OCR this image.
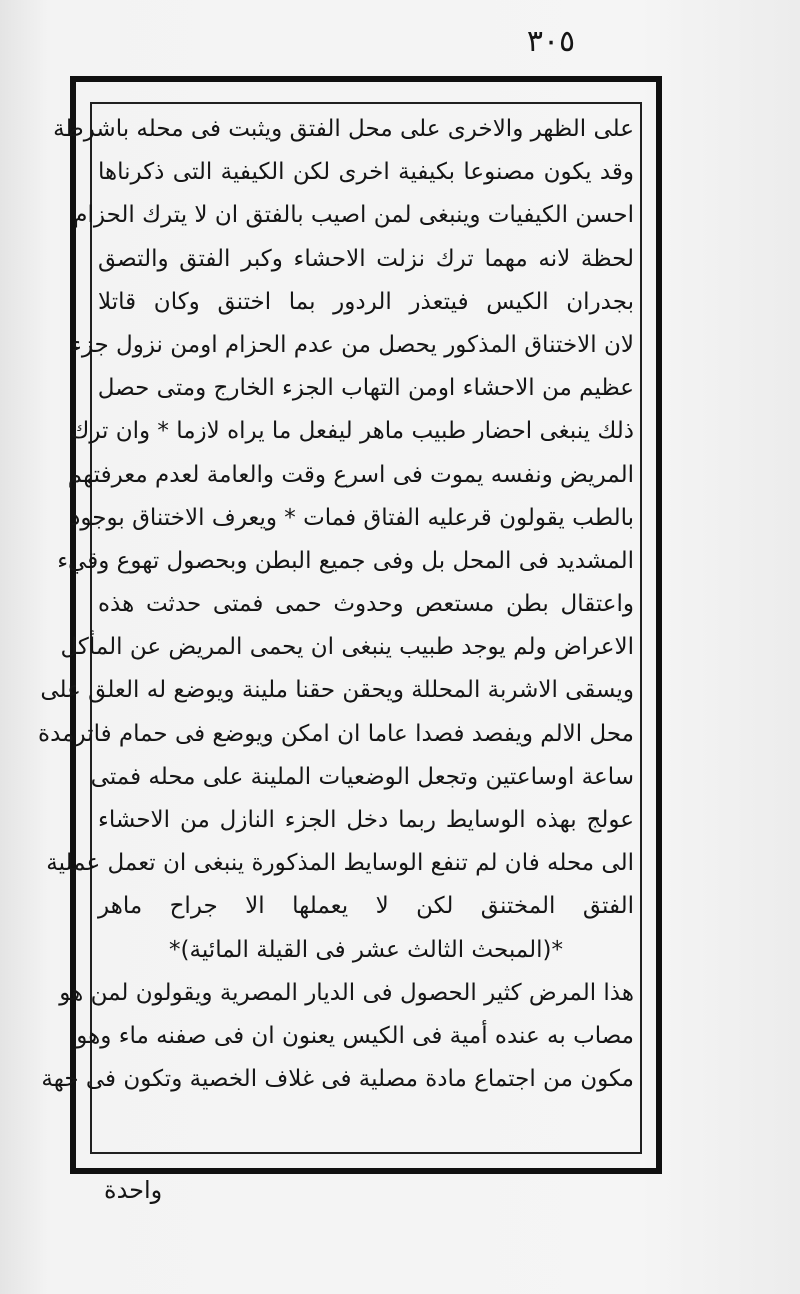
٣٠٥
على الظهر والاخرى على محل الفتق ويثبت فى محله باشرطة
وقد يكون مصنوعا بكيفية اخرى لكن الكيفية التى ذكرناها
احسن الكيفيات وينبغى لمن اصيب بالفتق ان لا يترك الحزام
لحظة لانه مهما ترك نزلت الاحشاء وكبر الفتق والتصق
بجدران الكيس فيتعذر الردور بما اختنق وكان قاتلا
لان الاختناق المذكور يحصل من عدم الحزام اومن نزول جزء
عظيم من الاحشاء اومن التهاب الجزء الخارج ومتى حصل
ذلك ينبغى احضار طبيب ماهر ليفعل ما يراه لازما * وان ترك
المريض ونفسه يموت فى اسرع وقت والعامة لعدم معرفتهم
بالطب يقولون قرعليه الفتاق فمات * ويعرف الاختناق بوجود
المشديد فى المحل بل وفى جميع البطن وبحصول تهوع وقيء
واعتقال بطن مستعص وحدوث حمى فمتى حدثت هذه
الاعراض ولم يوجد طبيب ينبغى ان يحمى المريض عن المأكل
ويسقى الاشربة المحللة ويحقن حقنا ملينة ويوضع له العلق على
محل الالم ويفصد فصدا عاما ان امكن ويوضع فى حمام فاترمدة
ساعة اوساعتين وتجعل الوضعيات الملينة على محله فمتى
عولج بهذه الوسايط ربما دخل الجزء النازل من الاحشاء
الى محله فان لم تنفع الوسايط المذكورة ينبغى ان تعمل عملية
الفتق المختنق لكن لا يعملها الا جراح ماهر
*(المبحث الثالث عشر فى القيلة المائية)*
هذا المرض كثير الحصول فى الديار المصرية ويقولون لمن هو
مصاب به عنده أمية فى الكيس يعنون ان فى صفنه ماء وهو
مكون من اجتماع مادة مصلية فى غلاف الخصية وتكون فى جهة
واحدة
